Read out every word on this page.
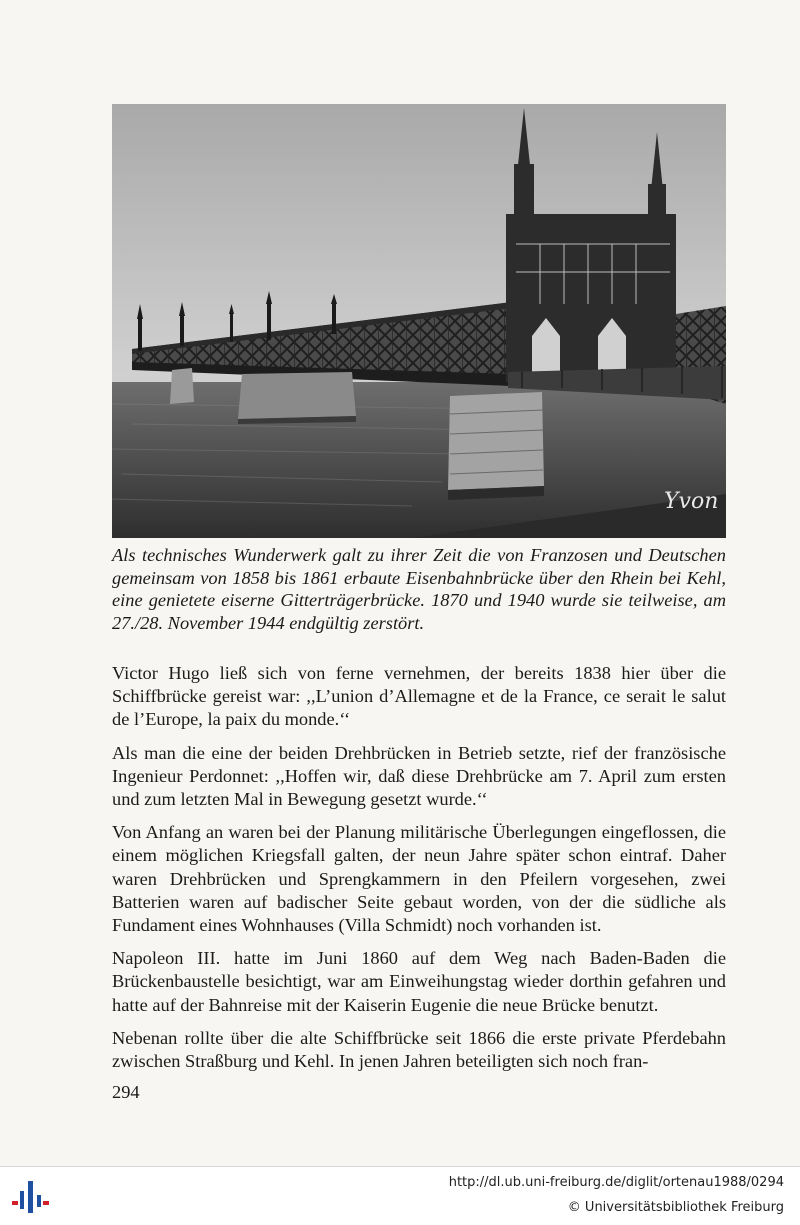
Yvon

Als technisches Wunderwerk galt zu ihrer Zeit die von Franzosen und Deutschen gemeinsam von 1858 bis 1861 erbaute Eisenbahnbrücke über den Rhein bei Kehl, eine genietete eiserne Gitterträgerbrücke. 1870 und 1940 wurde sie teilweise, am 27./28. November 1944 endgültig zerstört.

Victor Hugo ließ sich von ferne vernehmen, der bereits 1838 hier über die Schiffbrücke gereist war: ,,L’union d’Allemagne et de la France, ce serait le salut de l’Europe, la paix du monde.‘‘

Als man die eine der beiden Drehbrücken in Betrieb setzte, rief der französische Ingenieur Perdonnet: ,,Hoffen wir, daß diese Drehbrücke am 7. April zum ersten und zum letzten Mal in Bewegung gesetzt wurde.‘‘

Von Anfang an waren bei der Planung militärische Überlegungen eingeflossen, die einem möglichen Kriegsfall galten, der neun Jahre später schon eintraf. Daher waren Drehbrücken und Sprengkammern in den Pfeilern vorgesehen, zwei Batterien waren auf badischer Seite gebaut worden, von der die südliche als Fundament eines Wohnhauses (Villa Schmidt) noch vorhanden ist.

Napoleon III. hatte im Juni 1860 auf dem Weg nach Baden-Baden die Brückenbaustelle besichtigt, war am Einweihungstag wieder dorthin gefahren und hatte auf der Bahnreise mit der Kaiserin Eugenie die neue Brücke benutzt.

Nebenan rollte über die alte Schiffbrücke seit 1866 die erste private Pferdebahn zwischen Straßburg und Kehl. In jenen Jahren beteiligten sich noch fran-

294
http://dl.ub.uni-freiburg.de/diglit/ortenau1988/0294
© Universitätsbibliothek Freiburg
